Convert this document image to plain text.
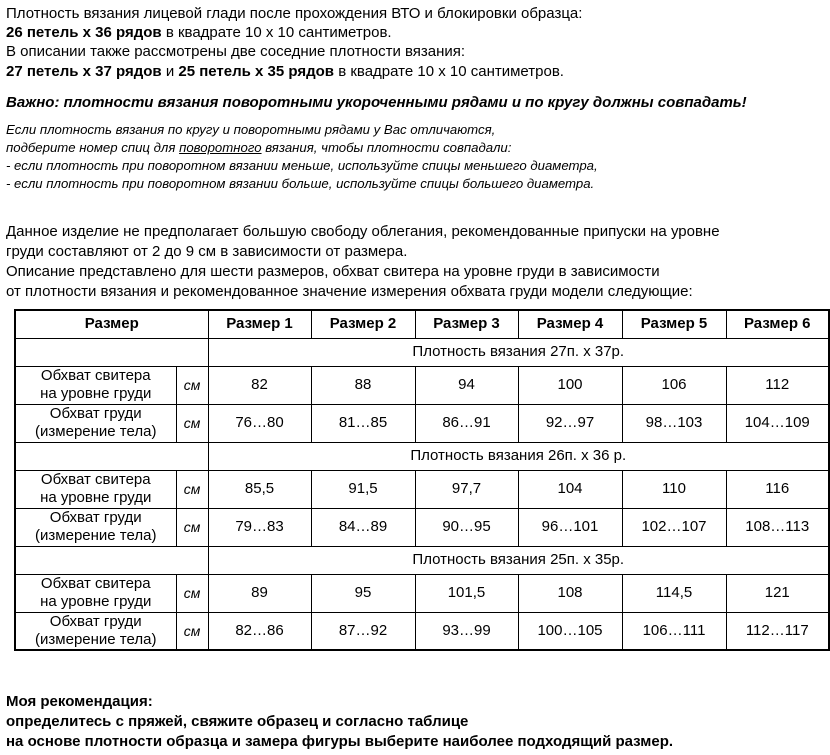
Плотность вязания лицевой глади после прохождения ВТО и блокировки образца:
26 петель х 36 рядов в квадрате 10 х 10 сантиметров.
В описании также рассмотрены две соседние плотности вязания:
27 петель х 37 рядов и 25 петель х 35 рядов в квадрате 10 х 10 сантиметров.
Важно: плотности вязания поворотными укороченными рядами и по кругу должны совпадать!
Если плотность вязания по кругу и поворотными рядами у Вас отличаются,
подберите номер спиц для поворотного вязания, чтобы плотности совпадали:
- если плотность при поворотном вязании меньше, используйте спицы меньшего диаметра,
- если плотность при поворотном вязании больше, используйте спицы большего диаметра.
Данное изделие не предполагает большую свободу облегания, рекомендованные припуски на уровне
груди составляют от 2 до 9 см в зависимости от размера.
Описание представлено для шести размеров, обхват свитера на уровне груди в зависимости
от плотности вязания и рекомендованное значение измерения обхвата груди модели следующие:
Размер		Размер 1	Размер 2	Размер 3	Размер 4	Размер 5	Размер 6
		Плотность вязания 27п. х 37р.					

Обхват свитера
на уровне груди	см	82	88	94	100	106	112

Обхват груди
(измерение тела)	см	76…80	81…85	86…91	92…97	98…103	104…109
		Плотность вязания 26п. х 36 р.					

Обхват свитера
на уровне груди	см	85,5	91,5	97,7	104	110	116

Обхват груди
(измерение тела)	см	79…83	84…89	90…95	96…101	102…107	108…113
		Плотность вязания 25п. х 35р.					

Обхват свитера
на уровне груди	см	89	95	101,5	108	114,5	121

Обхват груди
(измерение тела)	см	82…86	87…92	93…99	100…105	106…111	112…117
Моя рекомендация:
определитесь с пряжей, свяжите образец и согласно таблице
на основе плотности образца и замера фигуры выберите наиболее подходящий размер.
